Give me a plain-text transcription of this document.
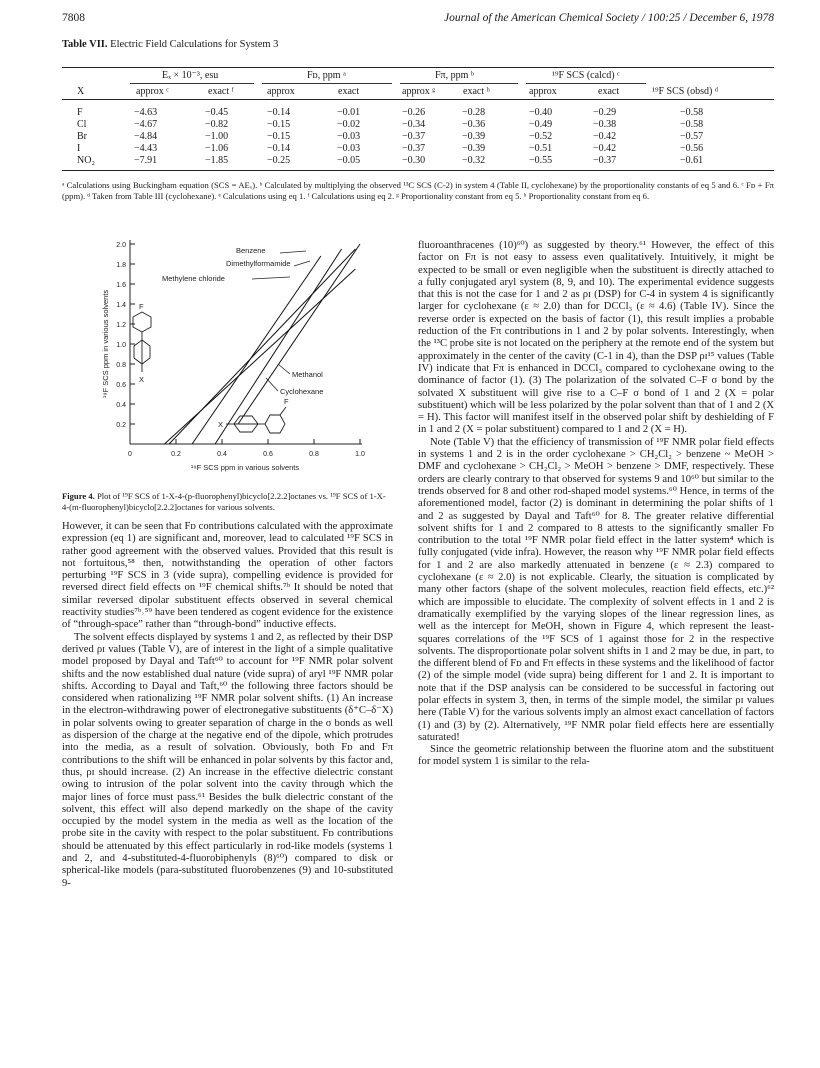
7808	Journal of the American Chemical Society / 100:25 / December 6, 1978
Table VII. Electric Field Calculations for System 3
Eₓ × 10⁻³, esu	Fᴅ, ppm ᵃ	Fπ, ppm ᵇ	¹⁹F SCS (calcd) ᶜ
X	approx ᶜ	exact ᶠ	approx	exact	approx ᵍ	exact ʰ	approx	exact	¹⁹F SCS (obsd) ᵈ
F	−4.63	−0.45	−0.14	−0.01	−0.26	−0.28	−0.40	−0.29	−0.58
Cl	−4.67	−0.82	−0.15	−0.02	−0.34	−0.36	−0.49	−0.38	−0.58
Br	−4.84	−1.00	−0.15	−0.03	−0.37	−0.39	−0.52	−0.42	−0.57
I	−4.43	−1.06	−0.14	−0.03	−0.37	−0.39	−0.51	−0.42	−0.56
NO₂	−7.91	−1.85	−0.25	−0.05	−0.30	−0.32	−0.55	−0.37	−0.61
ᵃ Calculations using Buckingham equation (SCS = AEₓ). ᵇ Calculated by multiplying the observed ¹³C SCS (C-2) in system 4 (Table II, cyclohexane) by the proportionality constants of eq 5 and 6. ᶜ Fᴅ + Fπ (ppm). ᵈ Taken from Table III (cyclohexane). ᵉ Calculations using eq 1. ᶠ Calculations using eq 2. ᵍ Proportionality constant from eq 5. ʰ Proportionality constant from eq 6.
2.0
1.8
1.6
1.4
1.2
1.0
0.8
0.6
0.4
0.2
0	0.2	0.4	0.6	0.8	1.0
¹⁹F SCS ppm in various solvents
¹⁹F SCS ppm in various solvents
Benzene
Dimethylformamide
Methylene chloride
Methanol
Cyclohexane
F
X
X
F
Figure 4. Plot of ¹⁹F SCS of 1-X-4-(p-fluorophenyl)bicyclo[2.2.2]octanes vs. ¹⁹F SCS of 1-X-4-(m-fluorophenyl)bicyclo[2.2.2]octanes for various solvents.

However, it can be seen that Fᴅ contributions calculated with the approximate expression (eq 1) are significant and, moreover, lead to calculated ¹⁹F SCS in rather good agreement with the observed values. Provided that this result is not fortuitous,⁵⁸ then, notwithstanding the operation of other factors perturbing ¹⁹F SCS in 3 (vide supra), compelling evidence is provided for reversed direct field effects on ¹⁹F chemical shifts.⁷ᵇ It should be noted that similar reversed dipolar substituent effects observed in several chemical reactivity studies⁷ᵇ˒⁵⁹ have been tendered as cogent evidence for the existence of “through-space” rather than “through-bond” inductive effects.

The solvent effects displayed by systems 1 and 2, as reflected by their DSP derived ρɪ values (Table V), are of interest in the light of a simple qualitative model proposed by Dayal and Taft⁶⁰ to account for ¹⁹F NMR polar solvent shifts and the now established dual nature (vide supra) of aryl ¹⁹F NMR polar shifts. According to Dayal and Taft,⁶⁰ the following three factors should be considered when rationalizing ¹⁹F NMR polar solvent shifts. (1) An increase in the electron-withdrawing power of electronegative substituents (δ⁺C–δ⁻X) in polar solvents owing to greater separation of charge in the σ bonds as well as dispersion of the charge at the negative end of the dipole, which protrudes into the media, as a result of solvation. Obviously, both Fᴅ and Fπ contributions to the shift will be enhanced in polar solvents by this factor and, thus, ρɪ should increase. (2) An increase in the effective dielectric constant owing to intrusion of the polar solvent into the cavity through which the major lines of force must pass.⁶¹ Besides the bulk dielectric constant of the solvent, this effect will also depend markedly on the shape of the cavity occupied by the model system in the media as well as the location of the probe site in the cavity with respect to the polar substituent. Fᴅ contributions should be attenuated by this effect particularly in rod-like models (systems 1 and 2, and 4-substituted-4-fluorobiphenyls (8)⁶⁰) compared to disk or spherical-like models (para-substituted fluorobenzenes (9) and 10-substituted 9-

fluoroanthracenes (10)⁶⁰) as suggested by theory.⁶¹ However, the effect of this factor on Fπ is not easy to assess even qualitatively. Intuitively, it might be expected to be small or even negligible when the substituent is directly attached to a fully conjugated aryl system (8, 9, and 10). The experimental evidence suggests that this is not the case for 1 and 2 as ρɪ (DSP) for C-4 in system 4 is significantly larger for cyclohexane (ε ≈ 2.0) than for DCCl₃ (ε ≈ 4.6) (Table IV). Since the reverse order is expected on the basis of factor (1), this result implies a probable reduction of the Fπ contributions in 1 and 2 by polar solvents. Interestingly, when the ¹³C probe site is not located on the periphery at the remote end of the system but approximately in the center of the cavity (C-1 in 4), than the DSP ρɪ¹⁵ values (Table IV) indicate that Fπ is enhanced in DCCl₃ compared to cyclohexane owing to the dominance of factor (1). (3) The polarization of the solvated C–F σ bond by the solvated X substituent will give rise to a C–F σ bond of 1 and 2 (X = polar substituent) which will be less polarized by the polar solvent than that of 1 and 2 (X = H). This factor will manifest itself in the observed polar shift by deshielding of F in 1 and 2 (X = polar substituent) compared to 1 and 2 (X = H).

Note (Table V) that the efficiency of transmission of ¹⁹F NMR polar field effects in systems 1 and 2 is in the order cyclohexane > CH₂Cl₂ > benzene ~ MeOH > DMF and cyclohexane > CH₂Cl₂ > MeOH > benzene > DMF, respectively. These orders are clearly contrary to that observed for systems 9 and 10⁶⁰ but similar to the trends observed for 8 and other rod-shaped model systems.⁶⁰ Hence, in terms of the aforementioned model, factor (2) is dominant in determining the polar shifts of 1 and 2 as suggested by Dayal and Taft⁶⁰ for 8. The greater relative differential solvent shifts for 1 and 2 compared to 8 attests to the significantly smaller Fᴅ contribution to the total ¹⁹F NMR polar field effect in the latter system⁴ which is fully conjugated (vide infra). However, the reason why ¹⁹F NMR polar field effects for 1 and 2 are also markedly attenuated in benzene (ε ≈ 2.3) compared to cyclohexane (ε ≈ 2.0) is not explicable. Clearly, the situation is complicated by many other factors (shape of the solvent molecules, reaction field effects, etc.)⁶² which are impossible to elucidate. The complexity of solvent effects in 1 and 2 is dramatically exemplified by the varying slopes of the linear regression lines, as well as the intercept for MeOH, shown in Figure 4, which represent the least-squares correlations of the ¹⁹F SCS of 1 against those for 2 in the respective solvents. The disproportionate polar solvent shifts in 1 and 2 may be due, in part, to the different blend of Fᴅ and Fπ effects in these systems and the likelihood of factor (2) of the simple model (vide supra) being different for 1 and 2. It is important to note that if the DSP analysis can be considered to be successful in factoring out polar effects in system 3, then, in terms of the simple model, the similar ρɪ values here (Table V) for the various solvents imply an almost exact cancellation of factors (1) and (3) by (2). Alternatively, ¹⁹F NMR polar field effects here are essentially saturated!

Since the geometric relationship between the fluorine atom and the substituent for model system 1 is similar to the rela-
